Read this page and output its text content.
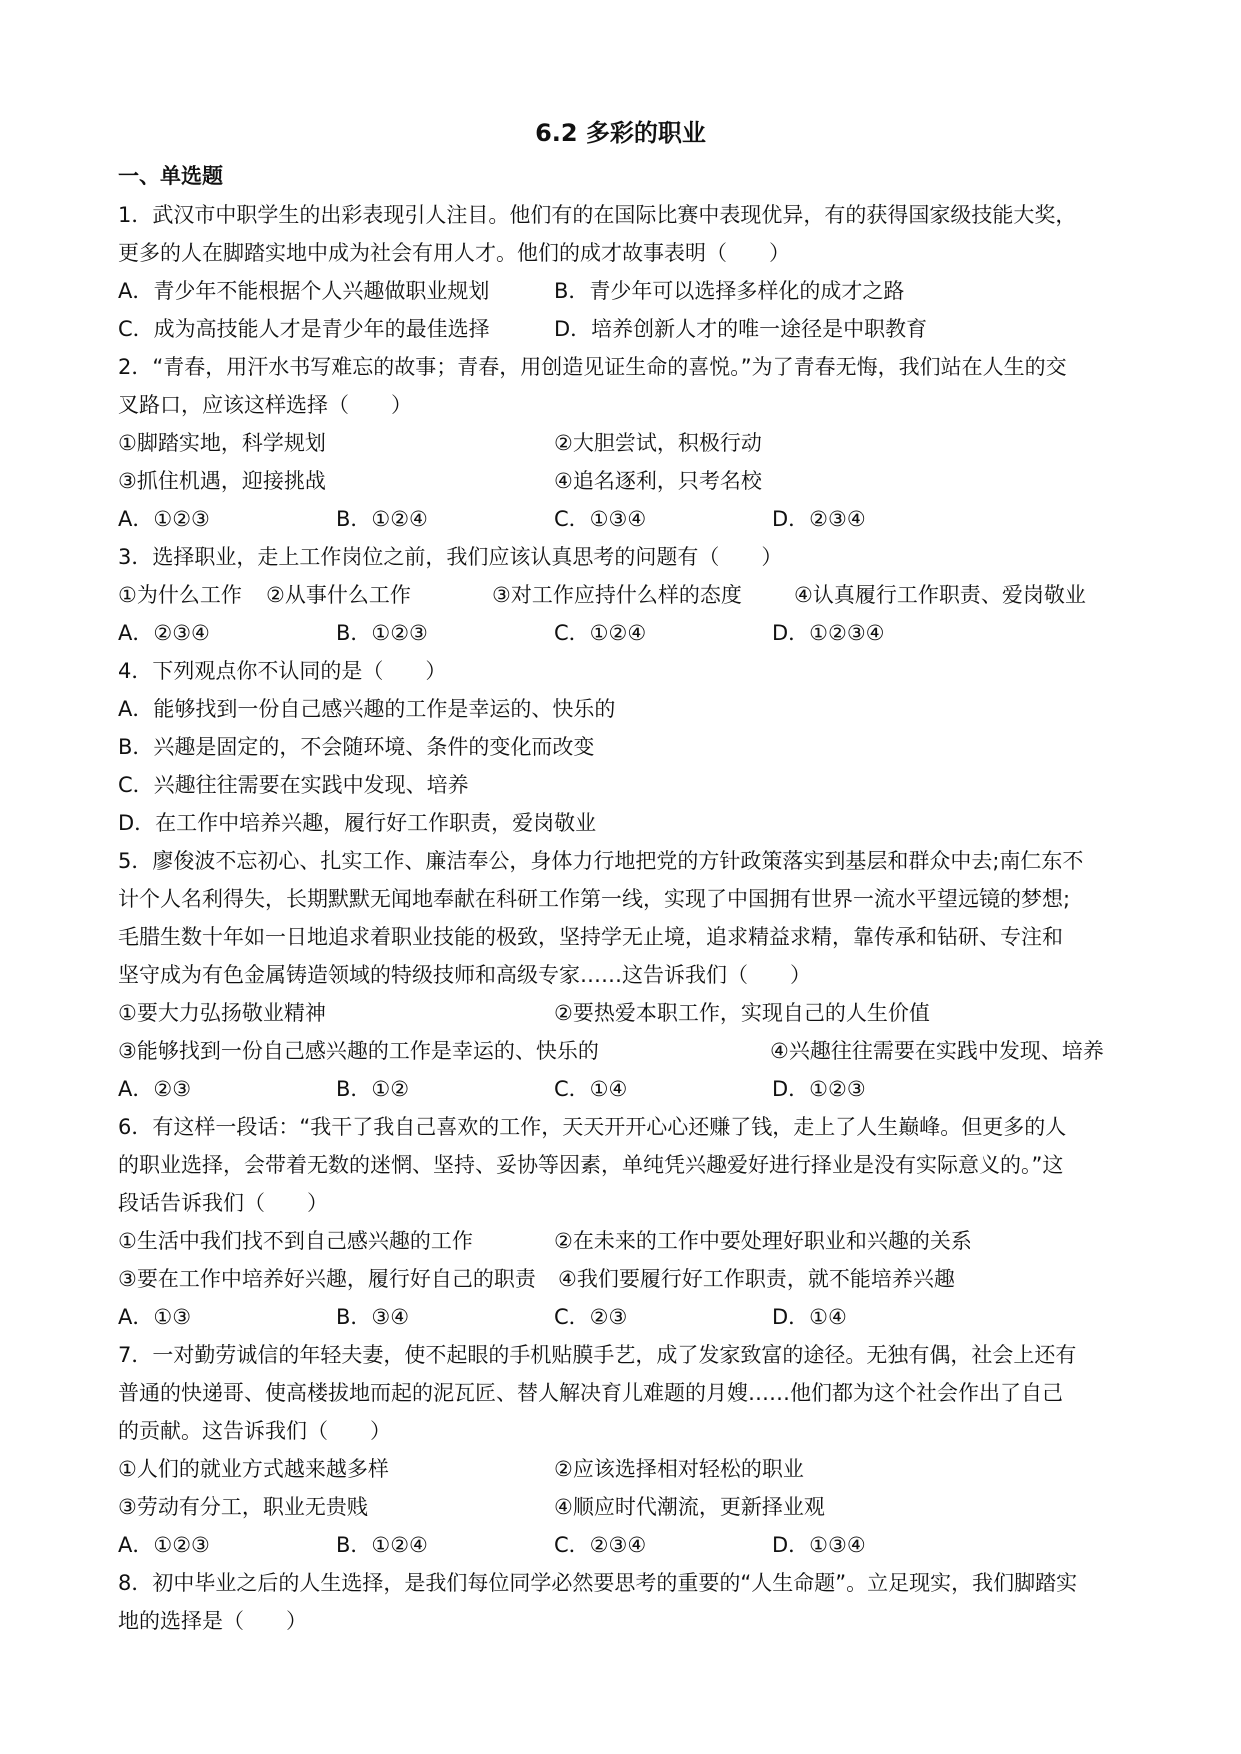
6.2 多彩的职业
一、单选题
1．武汉市中职学生的出彩表现引人注目。他们有的在国际比赛中表现优异，有的获得国家级技能大奖，
更多的人在脚踏实地中成为社会有用人才。他们的成才故事表明（　　）
A．青少年不能根据个人兴趣做职业规划	B．青少年可以选择多样化的成才之路
C．成为高技能人才是青少年的最佳选择	D．培养创新人才的唯一途径是中职教育
2．“青春，用汗水书写难忘的故事；青春，用创造见证生命的喜悦。”为了青春无悔，我们站在人生的交
叉路口，应该这样选择（　　）
①脚踏实地，科学规划	②大胆尝试，积极行动
③抓住机遇，迎接挑战	④追名逐利，只考名校
A．①②③	B．①②④	C．①③④	D．②③④
3．选择职业，走上工作岗位之前，我们应该认真思考的问题有（　　）
①为什么工作	②从事什么工作	③对工作应持什么样的态度	④认真履行工作职责、爱岗敬业
A．②③④	B．①②③	C．①②④	D．①②③④
4．下列观点你不认同的是（　　）
A．能够找到一份自己感兴趣的工作是幸运的、快乐的
B．兴趣是固定的，不会随环境、条件的变化而改变
C．兴趣往往需要在实践中发现、培养
D．在工作中培养兴趣，履行好工作职责，爱岗敬业
5．廖俊波不忘初心、扎实工作、廉洁奉公，身体力行地把党的方针政策落实到基层和群众中去;南仁东不
计个人名利得失，长期默默无闻地奉献在科研工作第一线，实现了中国拥有世界一流水平望远镜的梦想;
毛腊生数十年如一日地追求着职业技能的极致，坚持学无止境，追求精益求精，靠传承和钻研、专注和
坚守成为有色金属铸造领域的特级技师和高级专家……这告诉我们（　　）
①要大力弘扬敬业精神	②要热爱本职工作，实现自己的人生价值
③能够找到一份自己感兴趣的工作是幸运的、快乐的	④兴趣往往需要在实践中发现、培养
A．②③	B．①②	C．①④	D．①②③
6．有这样一段话：“我干了我自己喜欢的工作，天天开开心心还赚了钱，走上了人生巅峰。但更多的人
的职业选择，会带着无数的迷惘、坚持、妥协等因素，单纯凭兴趣爱好进行择业是没有实际意义的。”这
段话告诉我们（　　）
①生活中我们找不到自己感兴趣的工作	②在未来的工作中要处理好职业和兴趣的关系
③要在工作中培养好兴趣，履行好自己的职责	④我们要履行好工作职责，就不能培养兴趣
A．①③	B．③④	C．②③	D．①④
7．一对勤劳诚信的年轻夫妻，使不起眼的手机贴膜手艺，成了发家致富的途径。无独有偶，社会上还有
普通的快递哥、使高楼拔地而起的泥瓦匠、替人解决育儿难题的月嫂……他们都为这个社会作出了自己
的贡献。这告诉我们（　　）
①人们的就业方式越来越多样	②应该选择相对轻松的职业
③劳动有分工，职业无贵贱	④顺应时代潮流，更新择业观
A．①②③	B．①②④	C．②③④	D．①③④
8．初中毕业之后的人生选择，是我们每位同学必然要思考的重要的“人生命题”。立足现实，我们脚踏实
地的选择是（　　）
